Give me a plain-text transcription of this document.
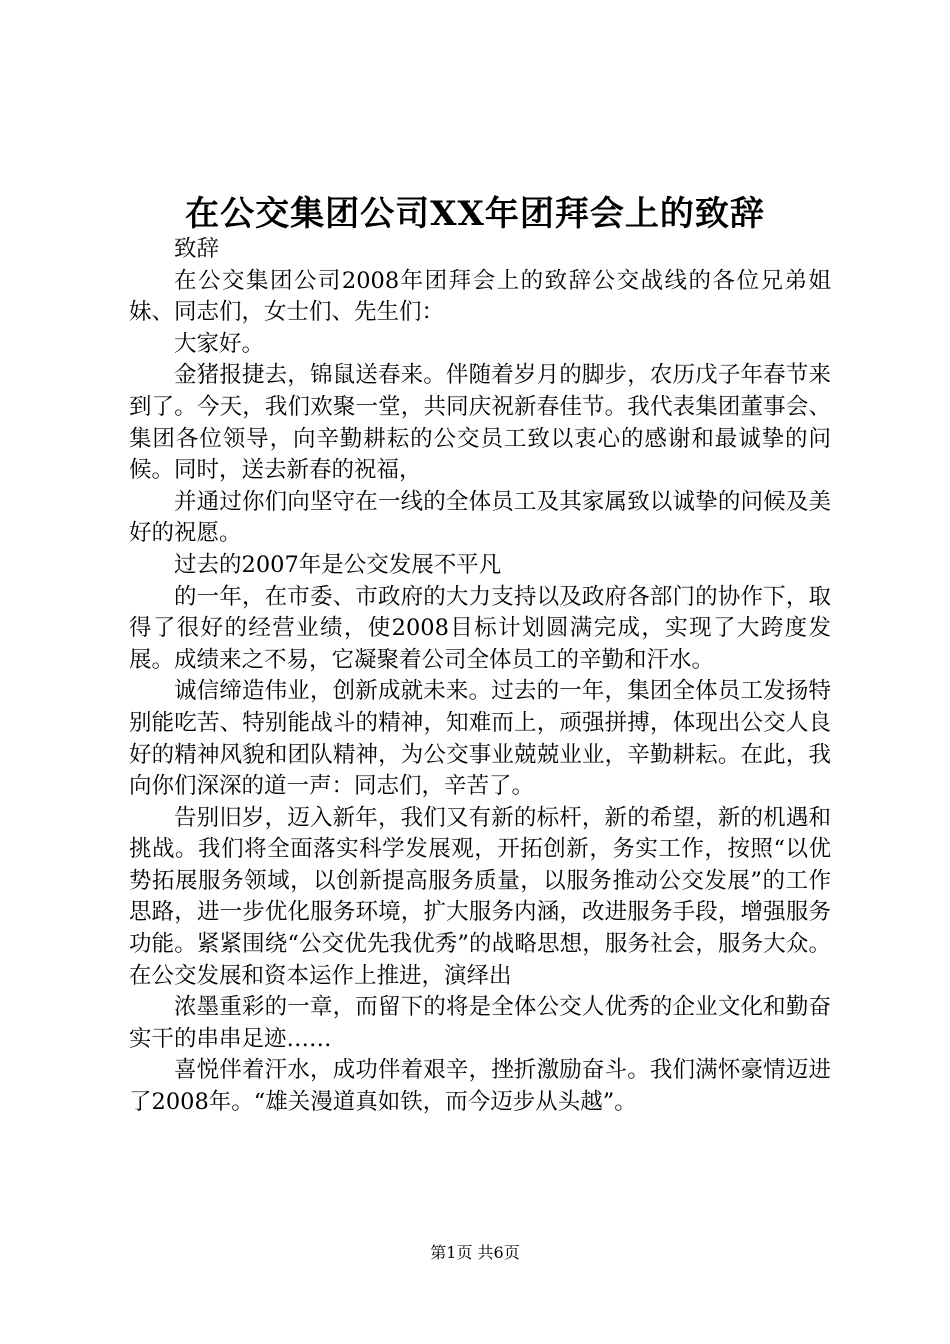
在公交集团公司XX年团拜会上的致辞

致辞

在公交集团公司2008年团拜会上的致辞公交战线的各位兄弟姐妹、同志们，女士们、先生们：

大家好。

金猪报捷去，锦鼠送春来。伴随着岁月的脚步，农历戊子年春节来到了。今天，我们欢聚一堂，共同庆祝新春佳节。我代表集团董事会、集团各位领导，向辛勤耕耘的公交员工致以衷心的感谢和最诚挚的问候。同时，送去新春的祝福，

并通过你们向坚守在一线的全体员工及其家属致以诚挚的问候及美好的祝愿。

过去的2007年是公交发展不平凡

的一年，在市委、市政府的大力支持以及政府各部门的协作下，取得了很好的经营业绩，使2008目标计划圆满完成，实现了大跨度发展。成绩来之不易，它凝聚着公司全体员工的辛勤和汗水。

诚信缔造伟业，创新成就未来。过去的一年，集团全体员工发扬特别能吃苦、特别能战斗的精神，知难而上，顽强拼搏，体现出公交人良好的精神风貌和团队精神，为公交事业兢兢业业，辛勤耕耘。在此，我向你们深深的道一声：同志们，辛苦了。

告别旧岁，迈入新年，我们又有新的标杆，新的希望，新的机遇和挑战。我们将全面落实科学发展观，开拓创新，务实工作，按照“以优势拓展服务领域，以创新提高服务质量，以服务推动公交发展”的工作思路，进一步优化服务环境，扩大服务内涵，改进服务手段，增强服务功能。紧紧围绕“公交优先我优秀”的战略思想，服务社会，服务大众。在公交发展和资本运作上推进，演绎出

浓墨重彩的一章，而留下的将是全体公交人优秀的企业文化和勤奋实干的串串足迹……

喜悦伴着汗水，成功伴着艰辛，挫折激励奋斗。我们满怀豪情迈进了2008年。“雄关漫道真如铁，而今迈步从头越”。

第1页 共6页
